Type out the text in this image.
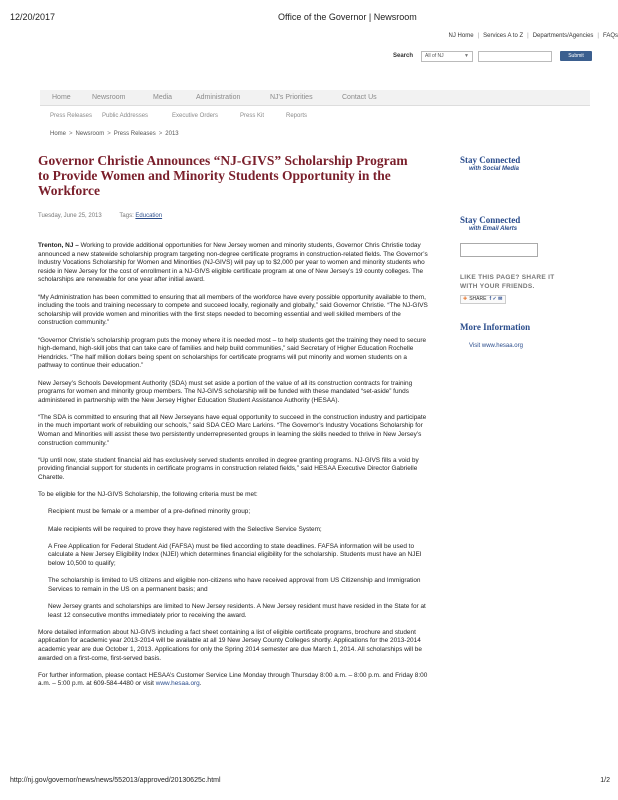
12/20/2017	Office of the Governor | Newsroom
NJ Home | Services A to Z | Departments/Agencies | FAQs
Search	All of NJ	▼	Submit
Home	Newsroom	Media	Administration	NJ's Priorities	Contact Us
Press Releases Public Addresses	Executive Orders	Press Kit	Reports
Home > Newsroom > Press Releases > 2013
Governor Christie Announces “NJ-GIVS” Scholarship Program to Provide Women and Minority Students Opportunity in the Workforce
Tuesday, June 25, 2013	Tags: Education

Trenton, NJ – Working to provide additional opportunities for New Jersey women and minority students, Governor Chris Christie today announced a new statewide scholarship program targeting non-degree certificate programs in construction-related fields. The Governor’s Industry Vocations Scholarship for Women and Minorities (NJ-GIVS) will pay up to $2,000 per year to women and minority students who reside in New Jersey for the cost of enrollment in a NJ-GIVS eligible certificate program at one of New Jersey’s 19 county colleges. The scholarships are renewable for one year after initial award.

“My Administration has been committed to ensuring that all members of the workforce have every possible opportunity available to them, including the tools and training necessary to compete and succeed locally, regionally and globally,” said Governor Christie. “The NJ-GIVS scholarship will provide women and minorities with the first steps needed to becoming essential and well skilled members of the construction community.”

“Governor Christie’s scholarship program puts the money where it is needed most – to help students get the training they need to secure high-demand, high-skill jobs that can take care of families and help build communities,” said Secretary of Higher Education Rochelle Hendricks. “The half million dollars being spent on scholarships for certificate programs will put minority and women students on a pathway to continue their education.”

New Jersey’s Schools Development Authority (SDA) must set aside a portion of the value of all its construction contracts for training programs for women and minority group members. The NJ-GIVS scholarship will be funded with these mandated “set-aside” funds administered in partnership with the New Jersey Higher Education Student Assistance Authority (HESAA).

“The SDA is committed to ensuring that all New Jerseyans have equal opportunity to succeed in the construction industry and participate in the much important work of rebuilding our schools,” said SDA CEO Marc Larkins. “The Governor’s Industry Vocations Scholarship for Woman and Minorities will assist these two persistently underrepresented groups in learning the skills needed to thrive in New Jersey’s construction community.”

“Up until now, state student financial aid has exclusively served students enrolled in degree granting programs. NJ-GIVS fills a void by providing financial support for students in certificate programs in construction related fields,” said HESAA Executive Director Gabrielle Charette.

To be eligible for the NJ-GIVS Scholarship, the following criteria must be met:

Recipient must be female or a member of a pre-defined minority group;
Male recipients will be required to prove they have registered with the Selective Service System;
A Free Application for Federal Student Aid (FAFSA) must be filed according to state deadlines. FAFSA information will be used to calculate a New Jersey Eligibility Index (NJEI) which determines financial eligibility for the scholarship. Students must have an NJEI below 10,500 to qualify;
The scholarship is limited to US citizens and eligible non-citizens who have received approval from US Citizenship and Immigration Services to remain in the US on a permanent basis; and
New Jersey grants and scholarships are limited to New Jersey residents. A New Jersey resident must have resided in the State for at least 12 consecutive months immediately prior to receiving the award.

More detailed information about NJ-GIVS including a fact sheet containing a list of eligible certificate programs, brochure and student application for academic year 2013-2014 will be available at all 19 New Jersey County Colleges shortly. Applications for the 2013-2014 academic year are due October 1, 2013. Applications for only the Spring 2014 semester are due March 1, 2014. All scholarships will be awarded on a first-come, first-served basis.

For further information, please contact HESAA’s Customer Service Line Monday through Thursday 8:00 a.m. – 8:00 p.m. and Friday 8:00 a.m. – 5:00 p.m. at 609-584-4480 or visit www.hesaa.org.

Stay Connected
with Social Media
Stay Connected
with Email Alerts
LIKE THIS PAGE? SHARE IT
WITH YOUR FRIENDS.
✚ SHARE f ✓ ✉
More Information
Visit www.hesaa.org
http://nj.gov/governor/news/news/552013/approved/20130625c.html	1/2
